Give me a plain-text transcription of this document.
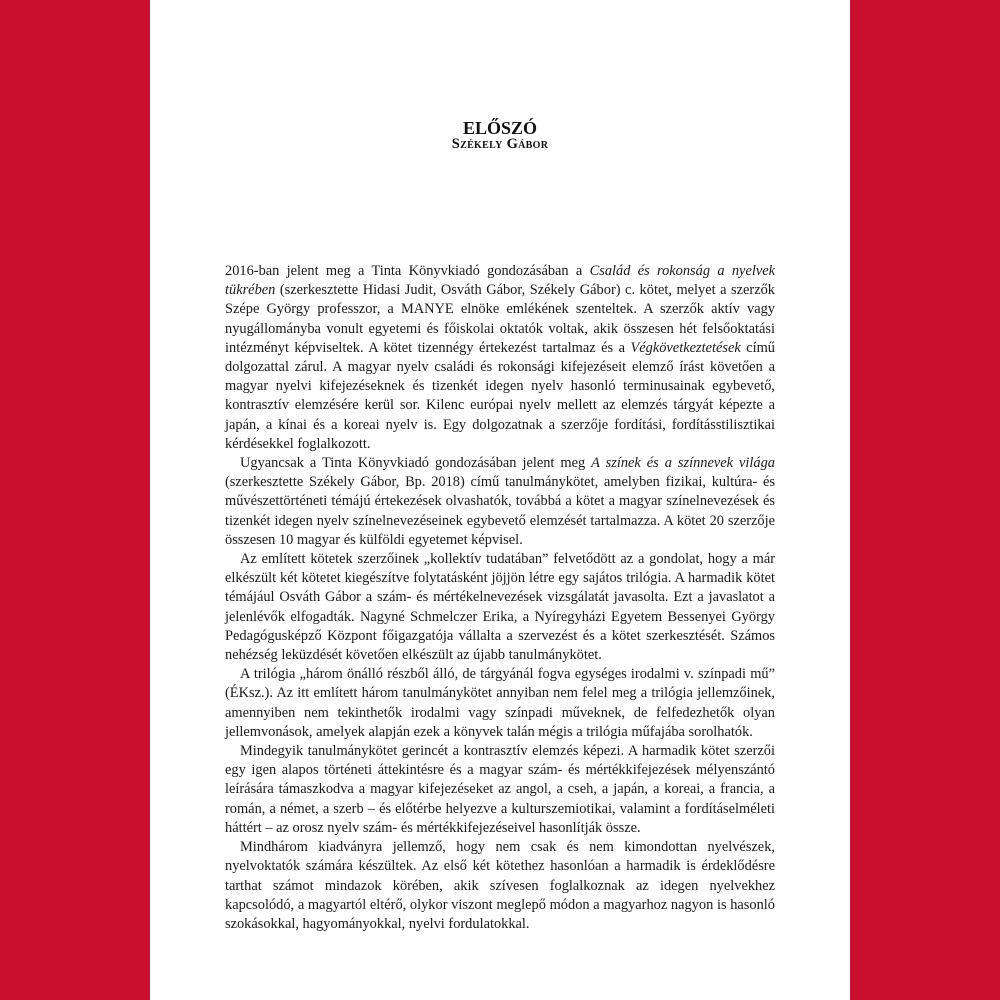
ELŐSZÓ
Székely Gábor

2016-ban jelent meg a Tinta Könyvkiadó gondozásában a Család és rokonság a nyelvek tükrében (szerkesztette Hidasi Judit, Osváth Gábor, Székely Gábor) c. kötet, melyet a szerzők Szépe György professzor, a MANYE elnöke emlékének szenteltek. A szerzők aktív vagy nyugállományba vonult egyetemi és főiskolai oktatók voltak, akik összesen hét felsőoktatási intézményt képviseltek. A kötet tizennégy értekezést tartalmaz és a Végkövetkeztetések című dolgozattal zárul. A magyar nyelv családi és rokonsági kifejezéseit elemző írást követően a magyar nyelvi kifejezéseknek és tizenkét idegen nyelv hasonló terminusainak egybevető, kontrasztív elemzésére kerül sor. Kilenc európai nyelv mellett az elemzés tárgyát képezte a japán, a kínai és a koreai nyelv is. Egy dolgozatnak a szerzője fordítási, fordításstilisztikai kérdésekkel foglalkozott.

Ugyancsak a Tinta Könyvkiadó gondozásában jelent meg A színek és a színnevek világa (szerkesztette Székely Gábor, Bp. 2018) című tanulmánykötet, amelyben fizikai, kultúra- és művészettörténeti témájú értekezések olvashatók, továbbá a kötet a magyar színelnevezések és tizenkét idegen nyelv színelnevezéseinek egybevető elemzését tartalmazza. A kötet 20 szerzője összesen 10 magyar és külföldi egyetemet képvisel.

Az említett kötetek szerzőinek „kollektív tudatában” felvetődött az a gondolat, hogy a már elkészült két kötetet kiegészítve folytatásként jöjjön létre egy sajátos trilógia. A harmadik kötet témájául Osváth Gábor a szám- és mértékelnevezések vizsgálatát javasolta. Ezt a javaslatot a jelenlévők elfogadták. Nagyné Schmelczer Erika, a Nyíregyházi Egyetem Bessenyei György Pedagógusképző Központ főigazgatója vállalta a szervezést és a kötet szerkesztését. Számos nehézség leküzdését követően elkészült az újabb tanulmánykötet.

A trilógia „három önálló részből álló, de tárgyánál fogva egységes irodalmi v. színpadi mű” (ÉKsz.). Az itt említett három tanulmánykötet annyiban nem felel meg a trilógia jellemzőinek, amennyiben nem tekinthetők irodalmi vagy színpadi műveknek, de felfedezhetők olyan jellemvonások, amelyek alapján ezek a könyvek talán mégis a trilógia műfajába sorolhatók.

Mindegyik tanulmánykötet gerincét a kontrasztív elemzés képezi. A harmadik kötet szerzői egy igen alapos történeti áttekintésre és a magyar szám- és mértékkifejezések mélyenszántó leírására támaszkodva a magyar kifejezéseket az angol, a cseh, a japán, a koreai, a francia, a román, a német, a szerb – és előtérbe helyezve a kulturszemiotikai, valamint a fordításelméleti háttért – az orosz nyelv szám- és mértékkifejezéseivel hasonlítják össze.

Mindhárom kiadványra jellemző, hogy nem csak és nem kimondottan nyelvészek, nyelvoktatók számára készültek. Az első két kötethez hasonlóan a harmadik is érdeklődésre tarthat számot mindazok körében, akik szívesen foglalkoznak az idegen nyelvekhez kapcsolódó, a magyartól eltérő, olykor viszont meglepő módon a magyarhoz nagyon is hasonló szokásokkal, hagyományokkal, nyelvi fordulatokkal.
